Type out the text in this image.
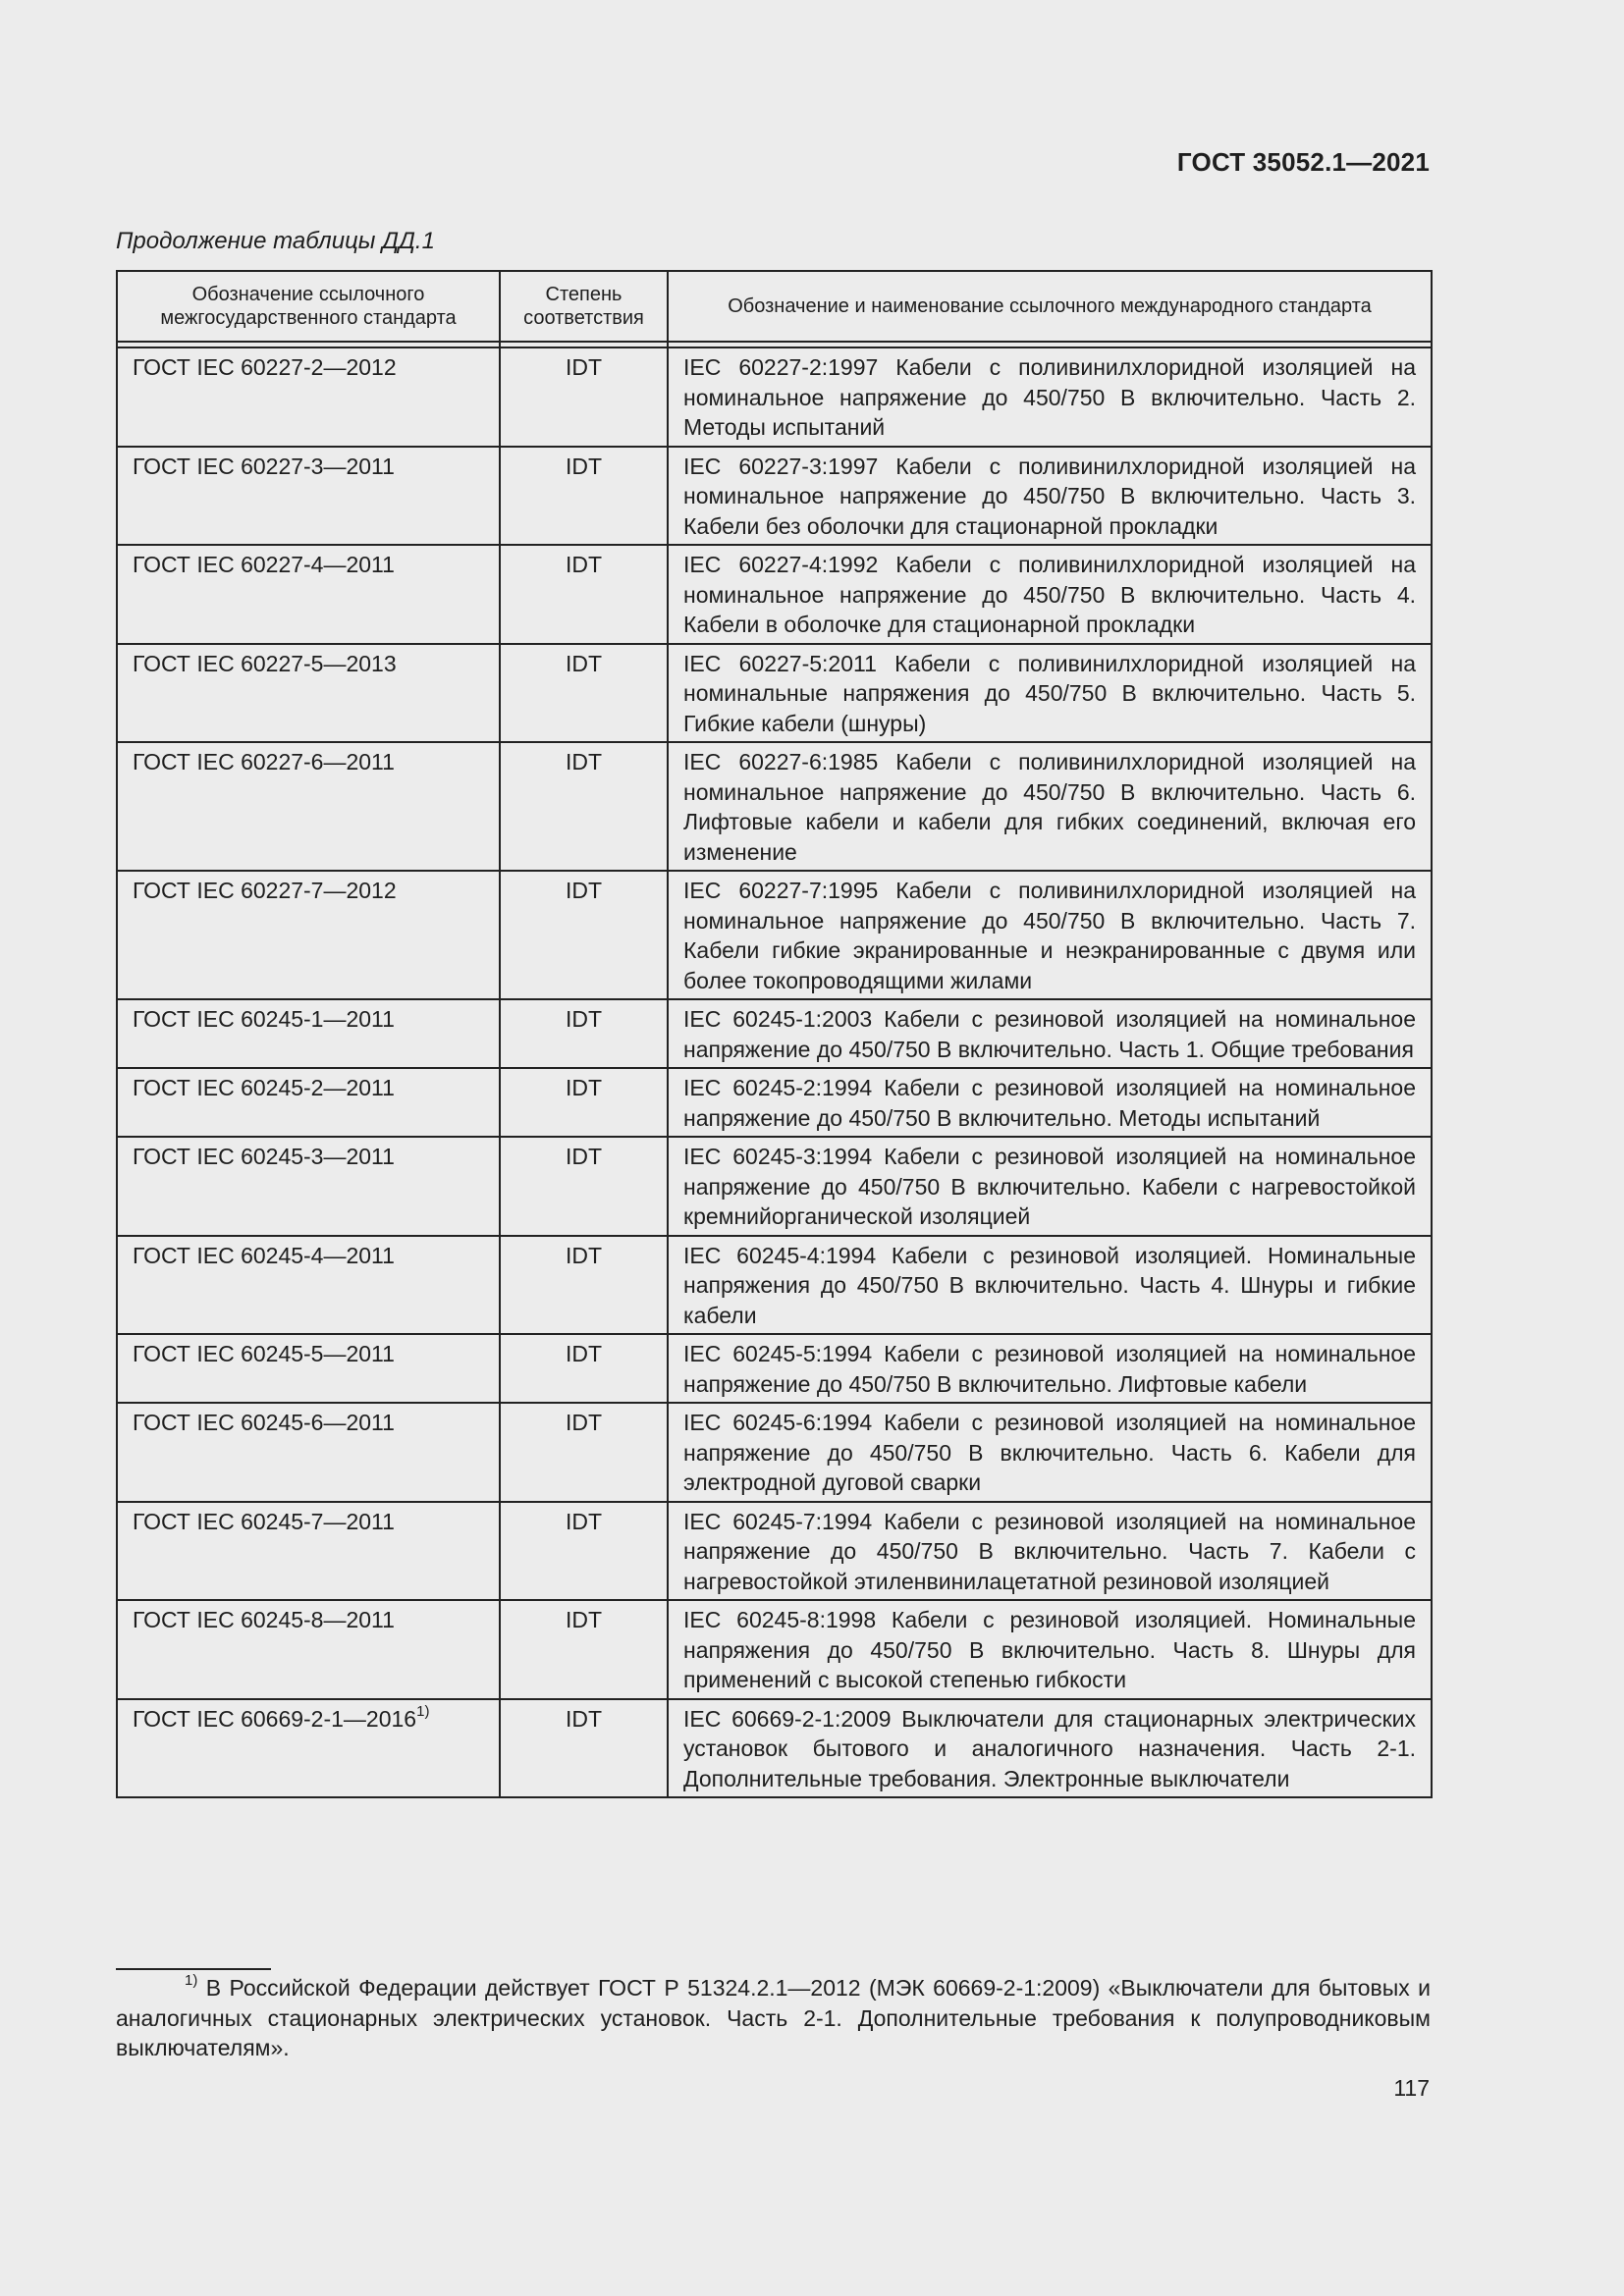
ГОСТ 35052.1—2021
Продолжение таблицы ДД.1
Обозначение ссылочного межгосударственного стандарта	Степень соответствия	Обозначение и наименование ссылочного международного стандарта

ГОСТ IEC 60227-2—2012	IDT	IEC 60227-2:1997 Кабели с поливинилхлоридной изоляцией на номинальное напряжение до 450/750 В включительно. Часть 2. Методы испытаний
ГОСТ IEC 60227-3—2011	IDT	IEC 60227-3:1997 Кабели с поливинилхлоридной изоляцией на номинальное напряжение до 450/750 В включительно. Часть 3. Кабели без оболочки для стационарной прокладки
ГОСТ IEC 60227-4—2011	IDT	IEC 60227-4:1992 Кабели с поливинилхлоридной изоляцией на номинальное напряжение до 450/750 В включительно. Часть 4. Кабели в оболочке для стационарной прокладки
ГОСТ IEC 60227-5—2013	IDT	IEC 60227-5:2011 Кабели с поливинилхлоридной изоляцией на номинальные напряжения до 450/750 В включительно. Часть 5. Гибкие кабели (шнуры)
ГОСТ IEC 60227-6—2011	IDT	IEC 60227-6:1985 Кабели с поливинилхлоридной изоляцией на номинальное напряжение до 450/750 В включительно. Часть 6. Лифтовые кабели и кабели для гибких соединений, включая его изменение
ГОСТ IEC 60227-7—2012	IDT	IEC 60227-7:1995 Кабели с поливинилхлоридной изоляцией на номинальное напряжение до 450/750 В включительно. Часть 7. Кабели гибкие экранированные и неэкранированные с двумя или более токопроводящими жилами
ГОСТ IEC 60245-1—2011	IDT	IEC 60245-1:2003 Кабели с резиновой изоляцией на номинальное напряжение до 450/750 В включительно. Часть 1. Общие требования
ГОСТ IEC 60245-2—2011	IDT	IEC 60245-2:1994 Кабели с резиновой изоляцией на номинальное напряжение до 450/750 В включительно. Методы испытаний
ГОСТ IEC 60245-3—2011	IDT	IEC 60245-3:1994 Кабели с резиновой изоляцией на номинальное напряжение до 450/750 В включительно. Кабели с нагревостойкой кремнийорганической изоляцией
ГОСТ IEC 60245-4—2011	IDT	IEC 60245-4:1994 Кабели с резиновой изоляцией. Номинальные напряжения до 450/750 В включительно. Часть 4. Шнуры и гибкие кабели
ГОСТ IEC 60245-5—2011	IDT	IEC 60245-5:1994 Кабели с резиновой изоляцией на номинальное напряжение до 450/750 В включительно. Лифтовые кабели
ГОСТ IEC 60245-6—2011	IDT	IEC 60245-6:1994 Кабели с резиновой изоляцией на номинальное напряжение до 450/750 В включительно. Часть 6. Кабели для электродной дуговой сварки
ГОСТ IEC 60245-7—2011	IDT	IEC 60245-7:1994 Кабели с резиновой изоляцией на номинальное напряжение до 450/750 В включительно. Часть 7. Кабели с нагревостойкой этиленвинилацетатной резиновой изоляцией
ГОСТ IEC 60245-8—2011	IDT	IEC 60245-8:1998 Кабели с резиновой изоляцией. Номинальные напряжения до 450/750 В включительно. Часть 8. Шнуры для применений с высокой степенью гибкости
ГОСТ IEC 60669-2-1—2016$^{1)}$	IDT	IEC 60669-2-1:2009 Выключатели для стационарных электрических установок бытового и аналогичного назначения. Часть 2-1. Дополнительные требования. Электронные выключатели
$^{1)}$ В Российской Федерации действует ГОСТ Р 51324.2.1—2012 (МЭК 60669-2-1:2009) «Выключатели для бытовых и аналогичных стационарных электрических установок. Часть 2-1. Дополнительные требования к полупроводниковым выключателям».
117
